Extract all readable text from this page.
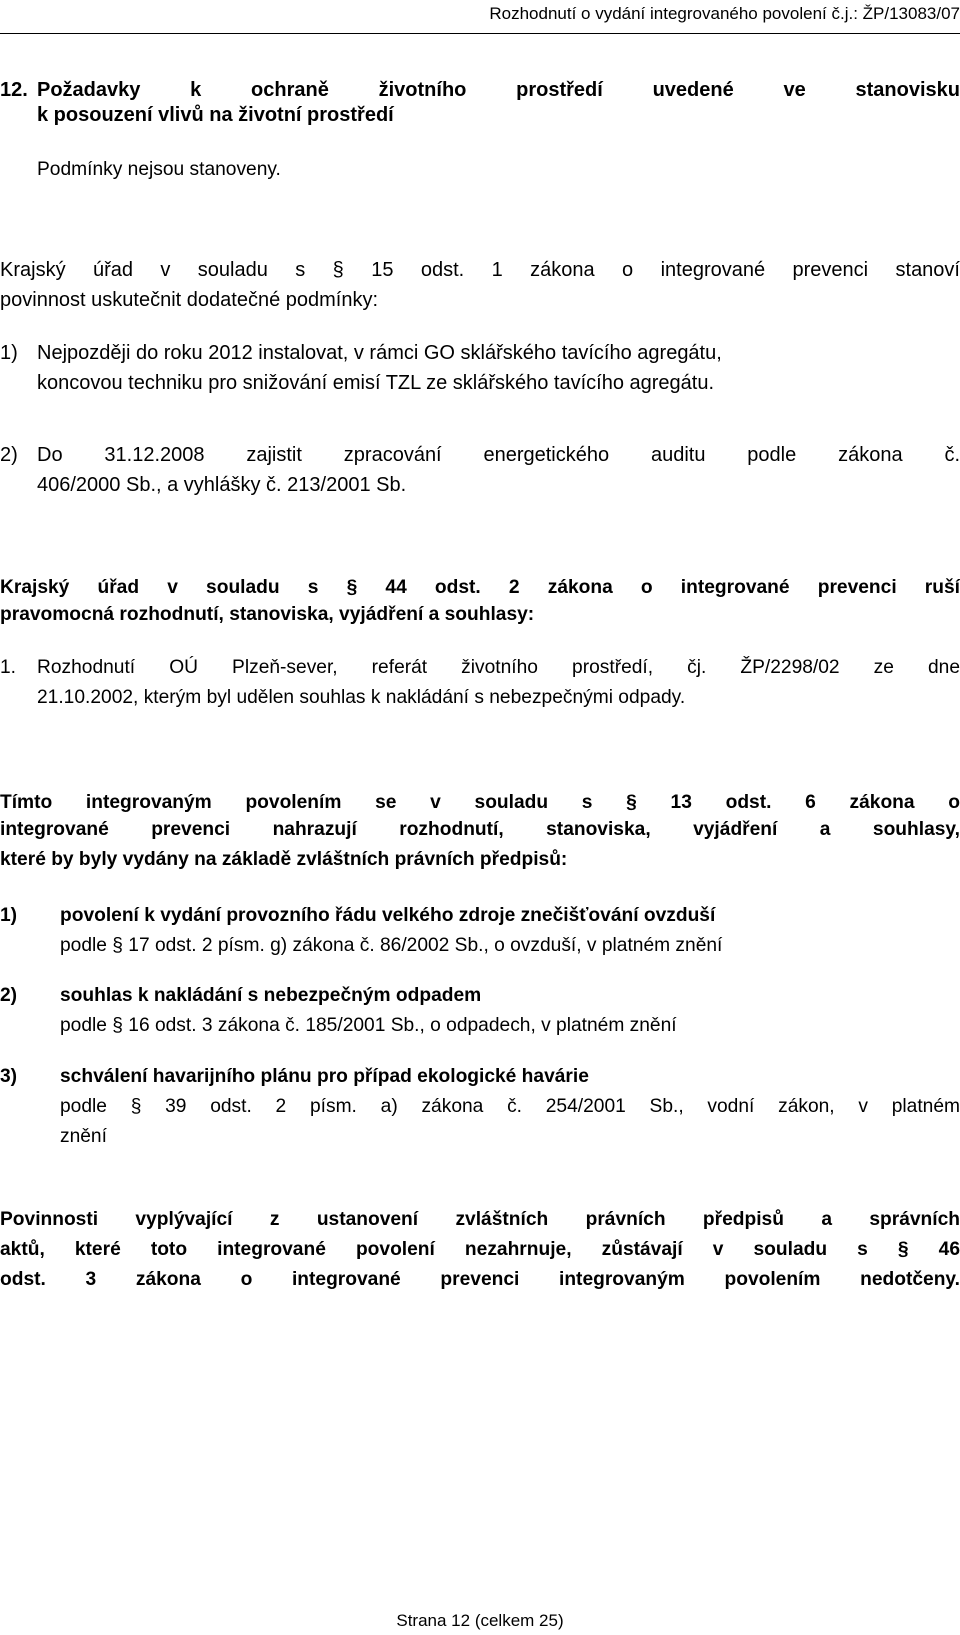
Rozhodnutí o vydání integrovaného povolení č.j.: ŽP/13083/07
12. Požadavky k ochraně životního prostředí uvedené ve stanovisku
k posouzení vlivů na životní prostředí
Podmínky nejsou stanoveny.
Krajský úřad v souladu s § 15 odst. 1 zákona o integrované prevenci stanoví
povinnost uskutečnit dodatečné podmínky:
1) Nejpozději do roku 2012 instalovat, v rámci GO sklářského tavícího agregátu,
koncovou techniku pro snižování emisí TZL ze sklářského tavícího agregátu.
2) Do 31.12.2008 zajistit zpracování energetického auditu podle zákona č.
406/2000 Sb., a vyhlášky č. 213/2001 Sb.
Krajský úřad v souladu s § 44 odst. 2 zákona o integrované prevenci ruší
pravomocná rozhodnutí, stanoviska, vyjádření a souhlasy:
1.	Rozhodnutí OÚ Plzeň-sever, referát životního prostředí, čj. ŽP/2298/02 ze dne
21.10.2002, kterým byl udělen souhlas k nakládání s nebezpečnými odpady.
Tímto integrovaným povolením se v souladu s § 13 odst. 6 zákona o
integrované prevenci nahrazují rozhodnutí, stanoviska, vyjádření a souhlasy,
které by byly vydány na základě zvláštních právních předpisů:
1)	povolení k vydání provozního řádu velkého zdroje znečišťování ovzduší
podle § 17 odst. 2 písm. g) zákona č. 86/2002 Sb., o ovzduší, v platném znění
2)	souhlas k nakládání s nebezpečným odpadem
podle § 16 odst. 3 zákona č. 185/2001 Sb., o odpadech, v platném znění
3)	schválení havarijního plánu pro případ ekologické havárie
podle § 39 odst. 2 písm. a) zákona č. 254/2001 Sb., vodní zákon, v platném
znění
Povinnosti vyplývající z ustanovení zvláštních právních předpisů a správních
aktů, které toto integrované povolení nezahrnuje, zůstávají v souladu s § 46
odst. 3 zákona o integrované prevenci integrovaným povolením nedotčeny.
Strana 12 (celkem 25)
